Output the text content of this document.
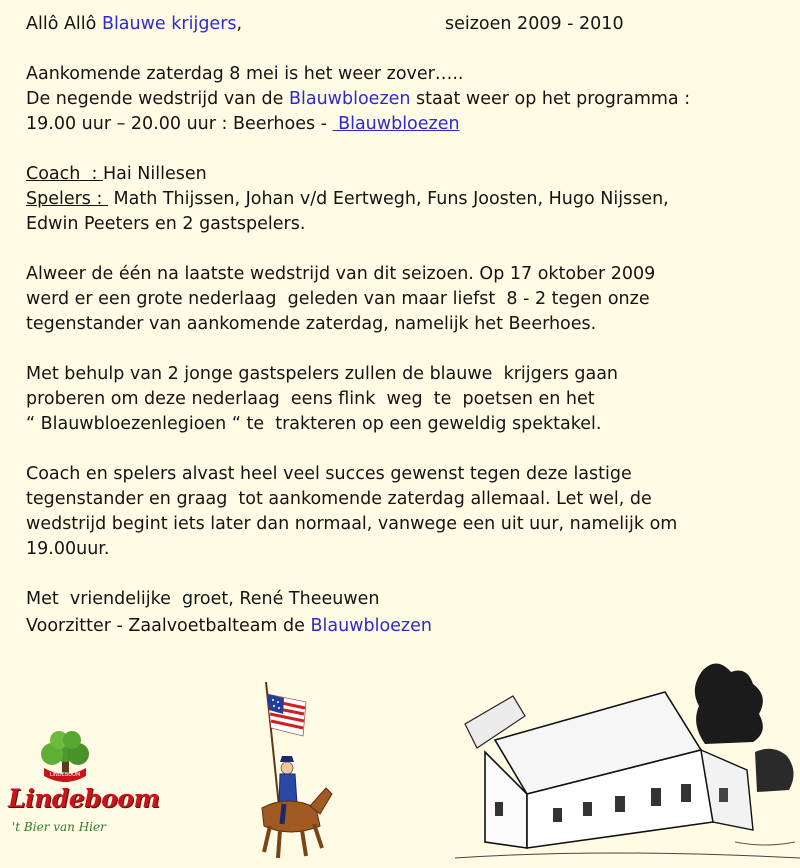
Allô Allô Blauwe krijgers,	seizoen 2009 - 2010
Aankomende zaterdag 8 mei is het weer zover…..
De negende wedstrijd van de Blauwbloezen staat weer op het programma :
19.00 uur – 20.00 uur : Beerhoes -  Blauwbloezen
Coach  : Hai Nillesen
Spelers :  Math Thijssen, Johan v/d Eertwegh, Funs Joosten, Hugo Nijssen,
Edwin Peeters en 2 gastspelers.
Alweer de één na laatste wedstrijd van dit seizoen. Op 17 oktober 2009
werd er een grote nederlaag  geleden van maar liefst  8 - 2 tegen onze
tegenstander van aankomende zaterdag, namelijk het Beerhoes.
Met behulp van 2 jonge gastspelers zullen de blauwe  krijgers gaan
proberen om deze nederlaag  eens flink  weg  te  poetsen en het
“ Blauwbloezenlegioen “ te  trakteren op een geweldig spektakel.
Coach en spelers alvast heel veel succes gewenst tegen deze lastige
tegenstander en graag  tot aankomende zaterdag allemaal. Let wel, de
wedstrijd begint iets later dan normaal, vanwege een uit uur, namelijk om
19.00uur.
Met  vriendelijke  groet, René Theeuwen
Voorzitter - Zaalvoetbalteam de Blauwbloezen
LINDEBOOM
Lindeboom
't Bier van Hier
